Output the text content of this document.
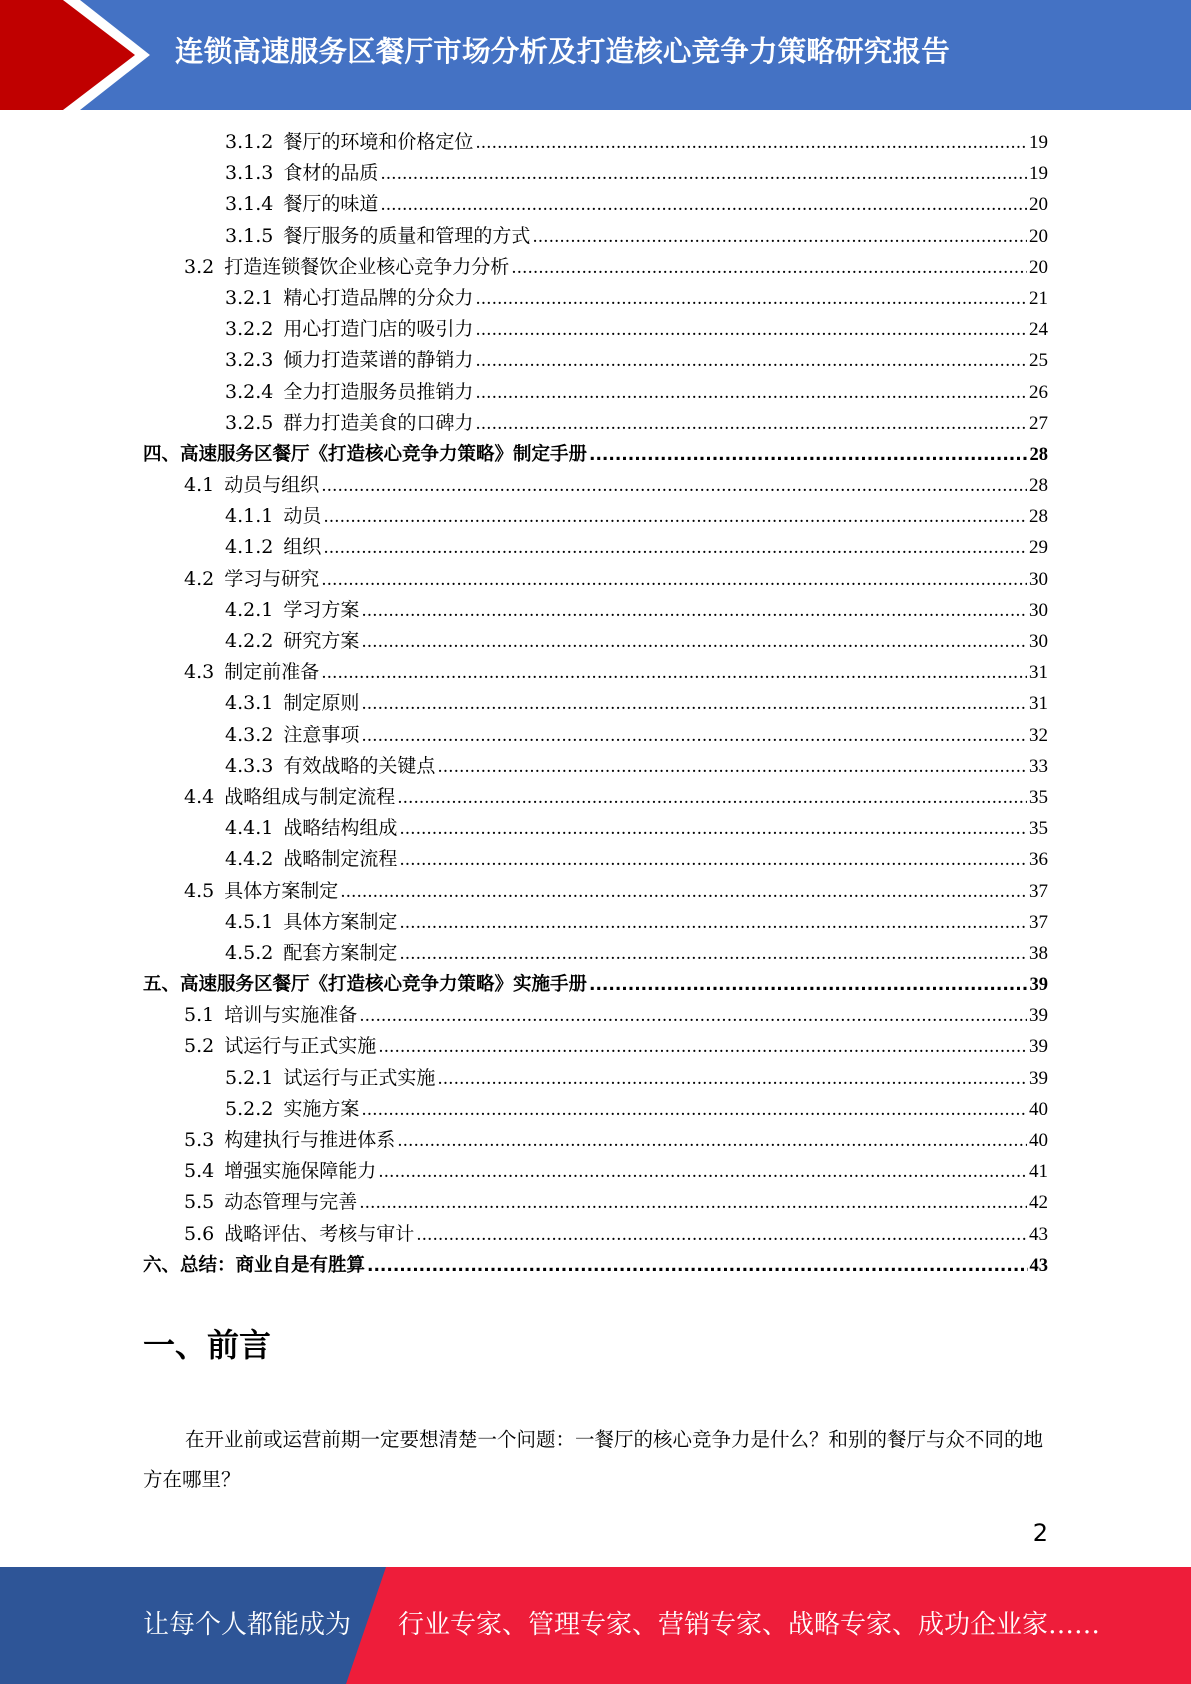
连锁高速服务区餐厅市场分析及打造核心竞争力策略研究报告
3.1.2 餐厅的环境和价格定位 .....	19
3.1.3 食材的品质 .....	19
3.1.4 餐厅的味道 .....	20
3.1.5 餐厅服务的质量和管理的方式 .....	20
3.2 打造连锁餐饮企业核心竞争力分析 .....	20
3.2.1 精心打造品牌的分众力 .....	21
3.2.2 用心打造门店的吸引力 .....	24
3.2.3 倾力打造菜谱的静销力 .....	25
3.2.4 全力打造服务员推销力 .....	26
3.2.5 群力打造美食的口碑力 .....	27
四、高速服务区餐厅《打造核心竞争力策略》制定手册 .....	28
4.1 动员与组织 .....	28
4.1.1 动员 .....	28
4.1.2 组织 .....	29
4.2 学习与研究 .....	30
4.2.1 学习方案 .....	30
4.2.2 研究方案 .....	30
4.3 制定前准备 .....	31
4.3.1 制定原则 .....	31
4.3.2 注意事项 .....	32
4.3.3 有效战略的关键点 .....	33
4.4 战略组成与制定流程 .....	35
4.4.1 战略结构组成 .....	35
4.4.2 战略制定流程 .....	36
4.5 具体方案制定 .....	37
4.5.1 具体方案制定 .....	37
4.5.2 配套方案制定 .....	38
五、高速服务区餐厅《打造核心竞争力策略》实施手册 .....	39
5.1 培训与实施准备 .....	39
5.2 试运行与正式实施 .....	39
5.2.1 试运行与正式实施 .....	39
5.2.2 实施方案 .....	40
5.3 构建执行与推进体系 .....	40
5.4 增强实施保障能力 .....	41
5.5 动态管理与完善 .....	42
5.6 战略评估、考核与审计 .....	43
六、总结：商业自是有胜算 .....	43
一、前言
在开业前或运营前期一定要想清楚一个问题：一餐厅的核心竞争力是什么？和别的餐厅与众不同的地方在哪里？
2
让每个人都能成为 行业专家、管理专家、营销专家、战略专家、成功企业家……
